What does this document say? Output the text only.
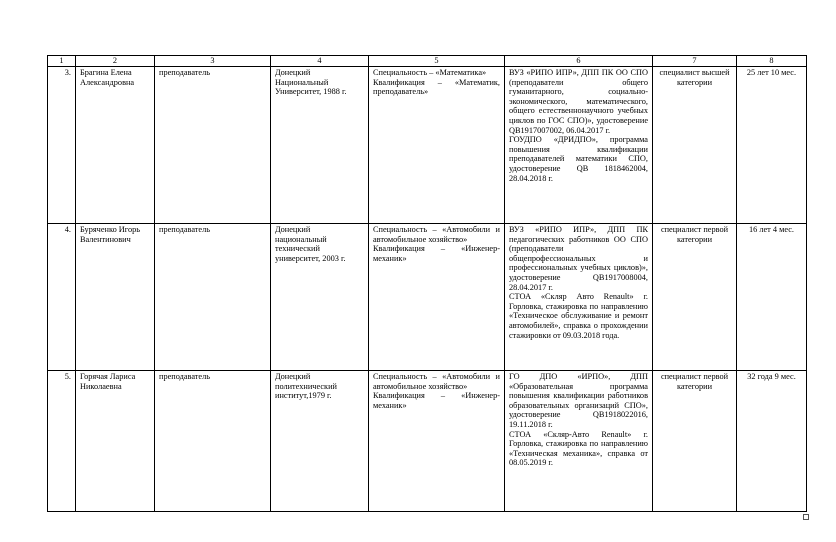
1	2	3	4	5	6	7	8
3.	Брагина Елена Александровна	преподаватель	Донецкий Национальный Университет, 1988 г.	Специальность – «Математика»
Квалификация – «Математик, преподаватель»	ВУЗ «РИПО ИПР», ДПП ПК ОО СПО (преподаватели общего гуманитарного, социально-экономического, математического, общего естественнонаучного учебных циклов по ГОС СПО)», удостоверение QB1917007002, 06.04.2017 г.
ГОУДПО «ДРИДПО», программа повышения квалификации преподавателей математики СПО, удостоверение QB 1818462004, 28.04.2018 г.	специалист высшей категории	25 лет 10 мес.
4.	Буряченко Игорь Валентинович	преподаватель	Донецкий национальный технический университет, 2003 г.	Специальность – «Автомобили и автомобильное хозяйство»
Квалификация – «Инженер-механик»	ВУЗ «РИПО ИПР», ДПП ПК педагогических работников ОО СПО (преподаватели общепрофессиональных и профессиональных учебных циклов)», удостоверение QB1917008004, 28.04.2017 г.
СТОА «Скляр Авто Renault» г. Горловка, стажировка по направлению «Техническое обслуживание и ремонт автомобилей», справка о прохождении стажировки от 09.03.2018 года.	специалист первой категории	16 лет 4 мес.
5.	Горячая Лариса Николаевна	преподаватель	Донецкий политехнический институт,1979 г.	Специальность – «Автомобили и автомобильное хозяйство»
Квалификация – «Инженер-механик»	ГО ДПО «ИРПО», ДПП «Образовательная программа повышения квалификации работников образовательных организаций СПО», удостоверение QB1918022016, 19.11.2018 г.
СТОА «Скляр-Авто Renault» г. Горловка, стажировка по направлению «Техническая механика», справка от 08.05.2019 г.	специалист первой категории	32 года 9 мес.
